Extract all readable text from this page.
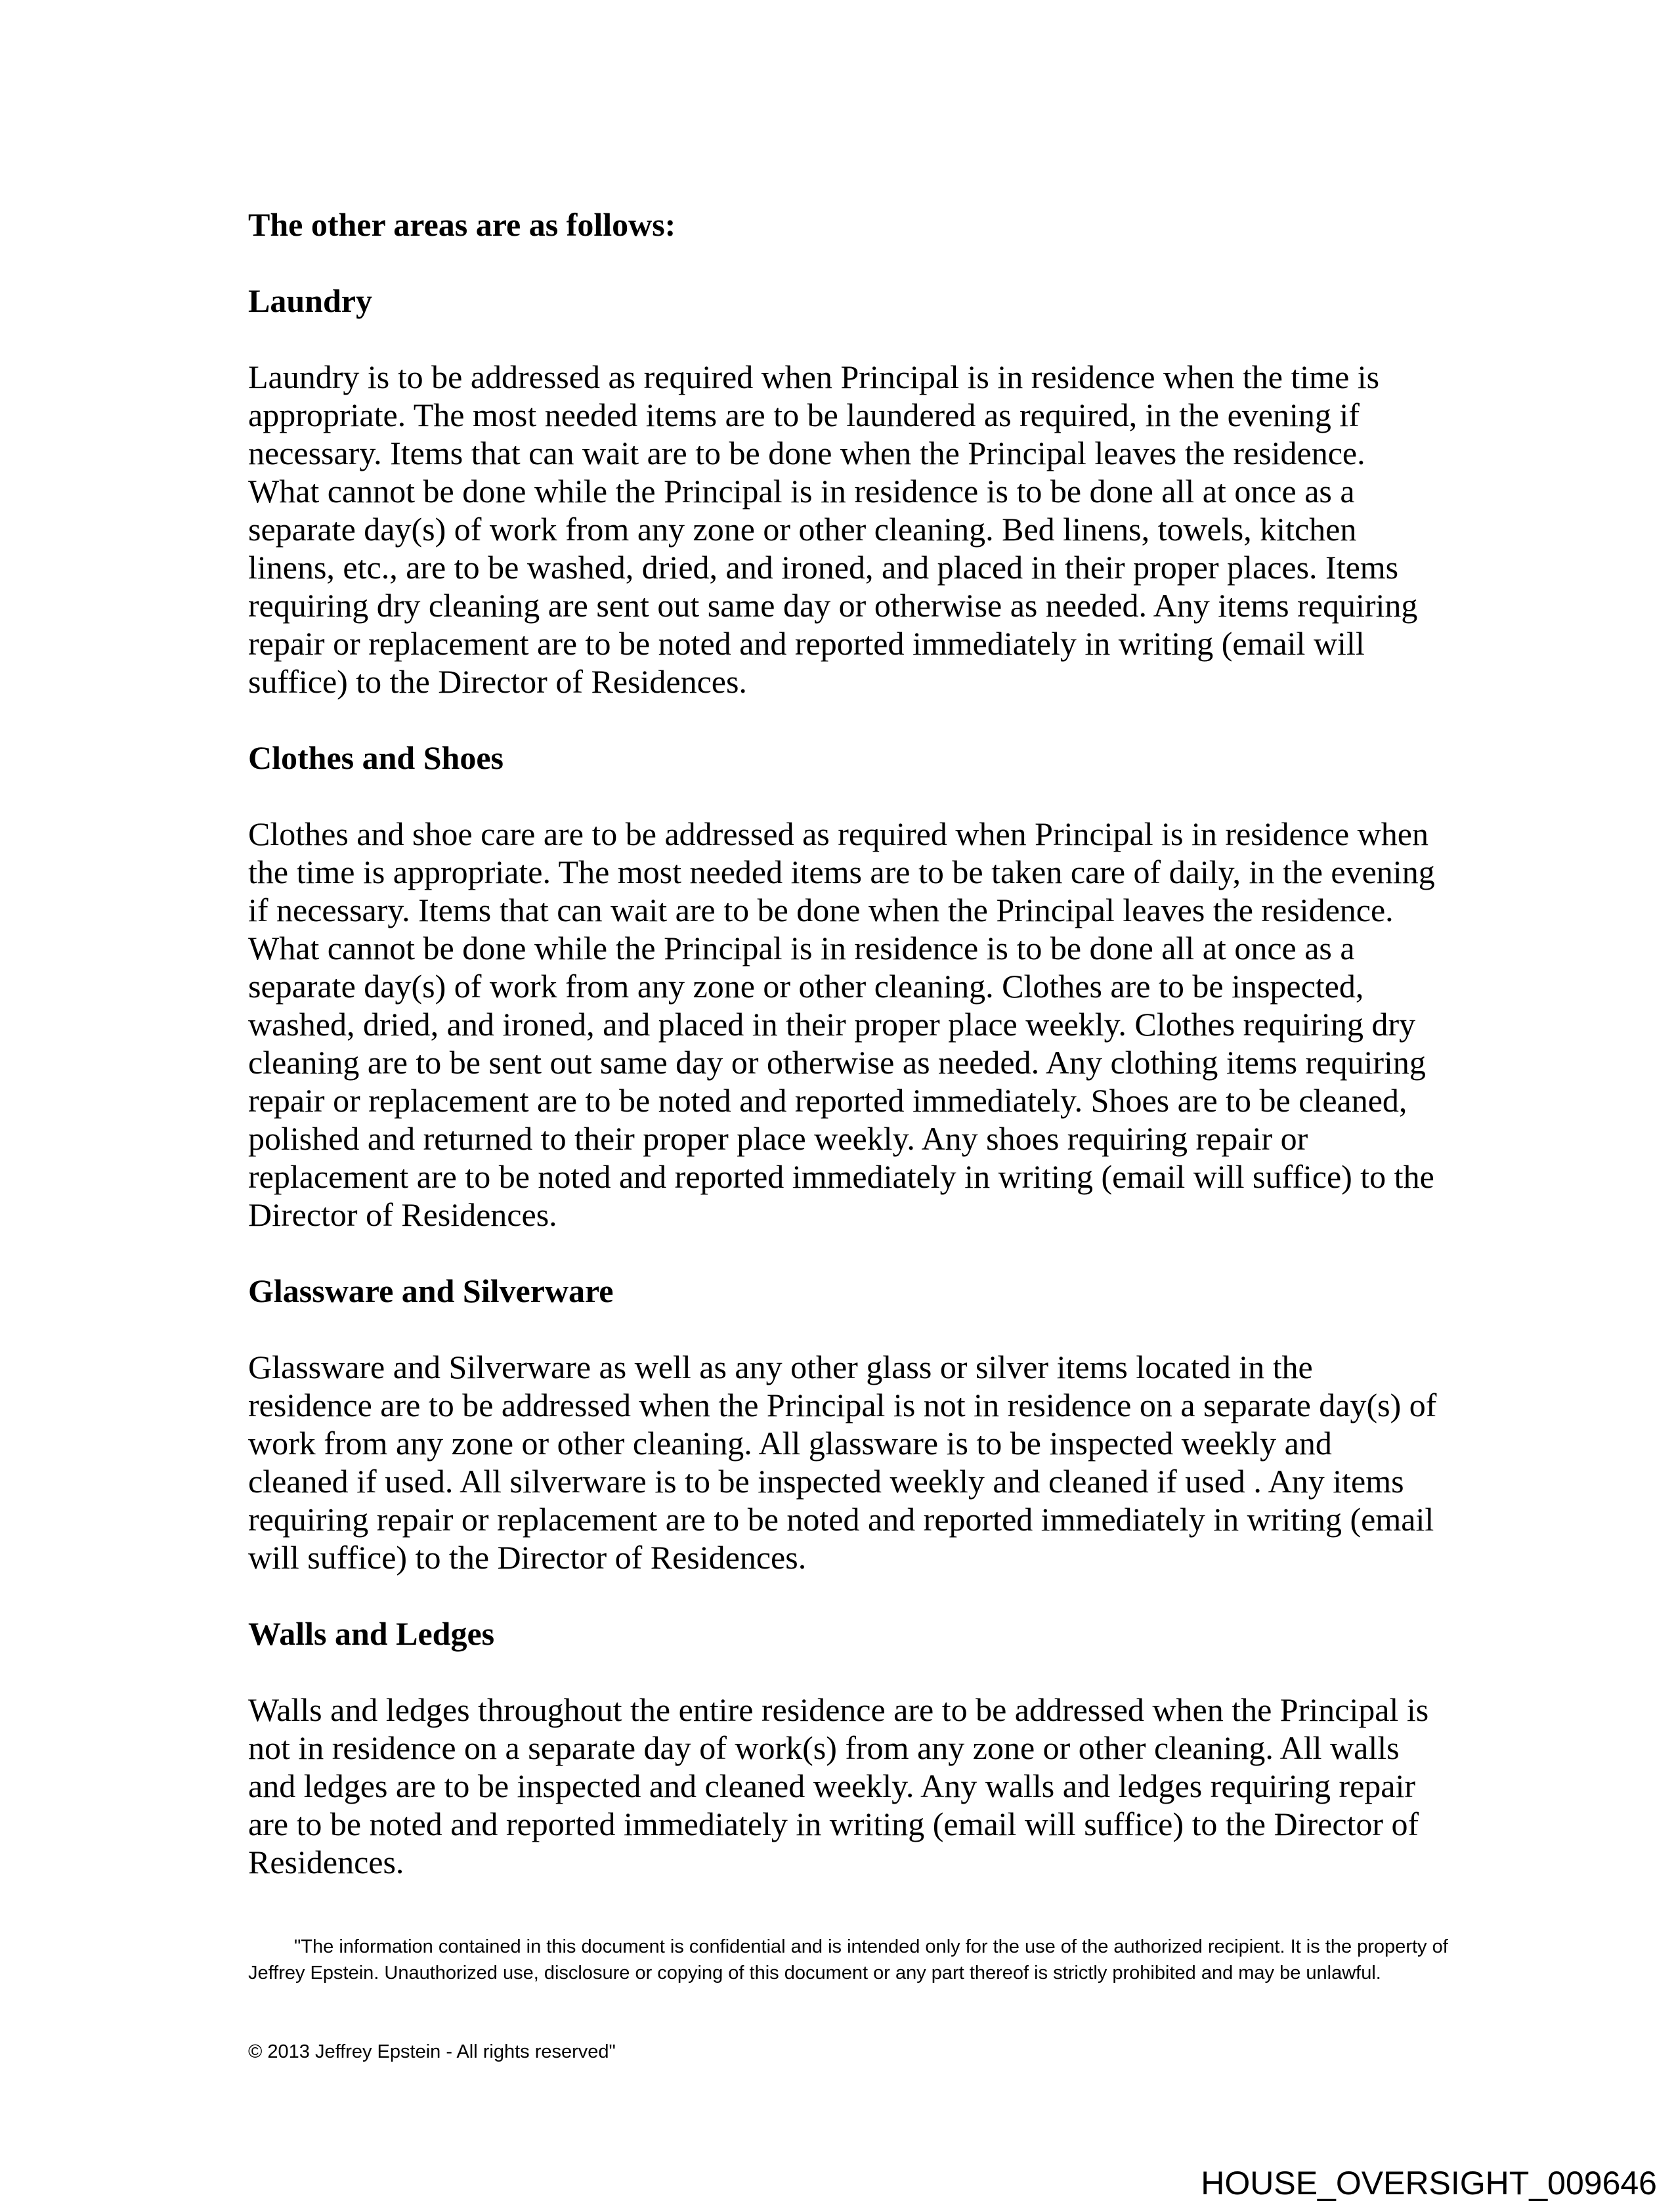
The other areas are as follows:

Laundry

Laundry is to be addressed as required when Principal is in residence when the time is appropriate. The most needed items are to be laundered as required, in the evening if necessary. Items that can wait are to be done when the Principal leaves the residence. What cannot be done while the Principal is in residence is to be done all at once as a separate day(s) of work from any zone or other cleaning. Bed linens, towels, kitchen linens, etc., are to be washed, dried, and ironed, and placed in their proper places. Items requiring dry cleaning are sent out same day or otherwise as needed. Any items requiring repair or replacement are to be noted and reported immediately in writing (email will suffice) to the Director of Residences.

Clothes and Shoes

Clothes and shoe care are to be addressed as required when Principal is in residence when the time is appropriate. The most needed items are to be taken care of daily, in the evening if necessary. Items that can wait are to be done when the Principal leaves the residence. What cannot be done while the Principal is in residence is to be done all at once as a separate day(s) of work from any zone or other cleaning. Clothes are to be inspected, washed, dried, and ironed, and placed in their proper place weekly. Clothes requiring dry cleaning are to be sent out same day or otherwise as needed. Any clothing items requiring repair or replacement are to be noted and reported immediately. Shoes are to be cleaned, polished and returned to their proper place weekly. Any shoes requiring repair or replacement are to be noted and reported immediately in writing (email will suffice) to the Director of Residences.

Glassware and Silverware

Glassware and Silverware as well as any other glass or silver items located in the residence are to be addressed when the Principal is not in residence on a separate day(s) of work from any zone or other cleaning. All glassware is to be inspected weekly and cleaned if used. All silverware is to be inspected weekly and cleaned if used . Any items requiring repair or replacement are to be noted and reported immediately in writing (email will suffice) to the Director of Residences.

Walls and Ledges

Walls and ledges throughout the entire residence are to be addressed when the Principal is not in residence on a separate day of work(s) from any zone or other cleaning. All walls and ledges are to be inspected and cleaned weekly. Any walls and ledges requiring repair are to be noted and reported immediately in writing (email will suffice) to the Director of Residences.

"The information contained in this document is confidential and is intended only for the use of the authorized recipient. It is the property of Jeffrey Epstein. Unauthorized use, disclosure or copying of this document or any part thereof is strictly prohibited and may be unlawful.

© 2013 Jeffrey Epstein - All rights reserved"

HOUSE_OVERSIGHT_009646
